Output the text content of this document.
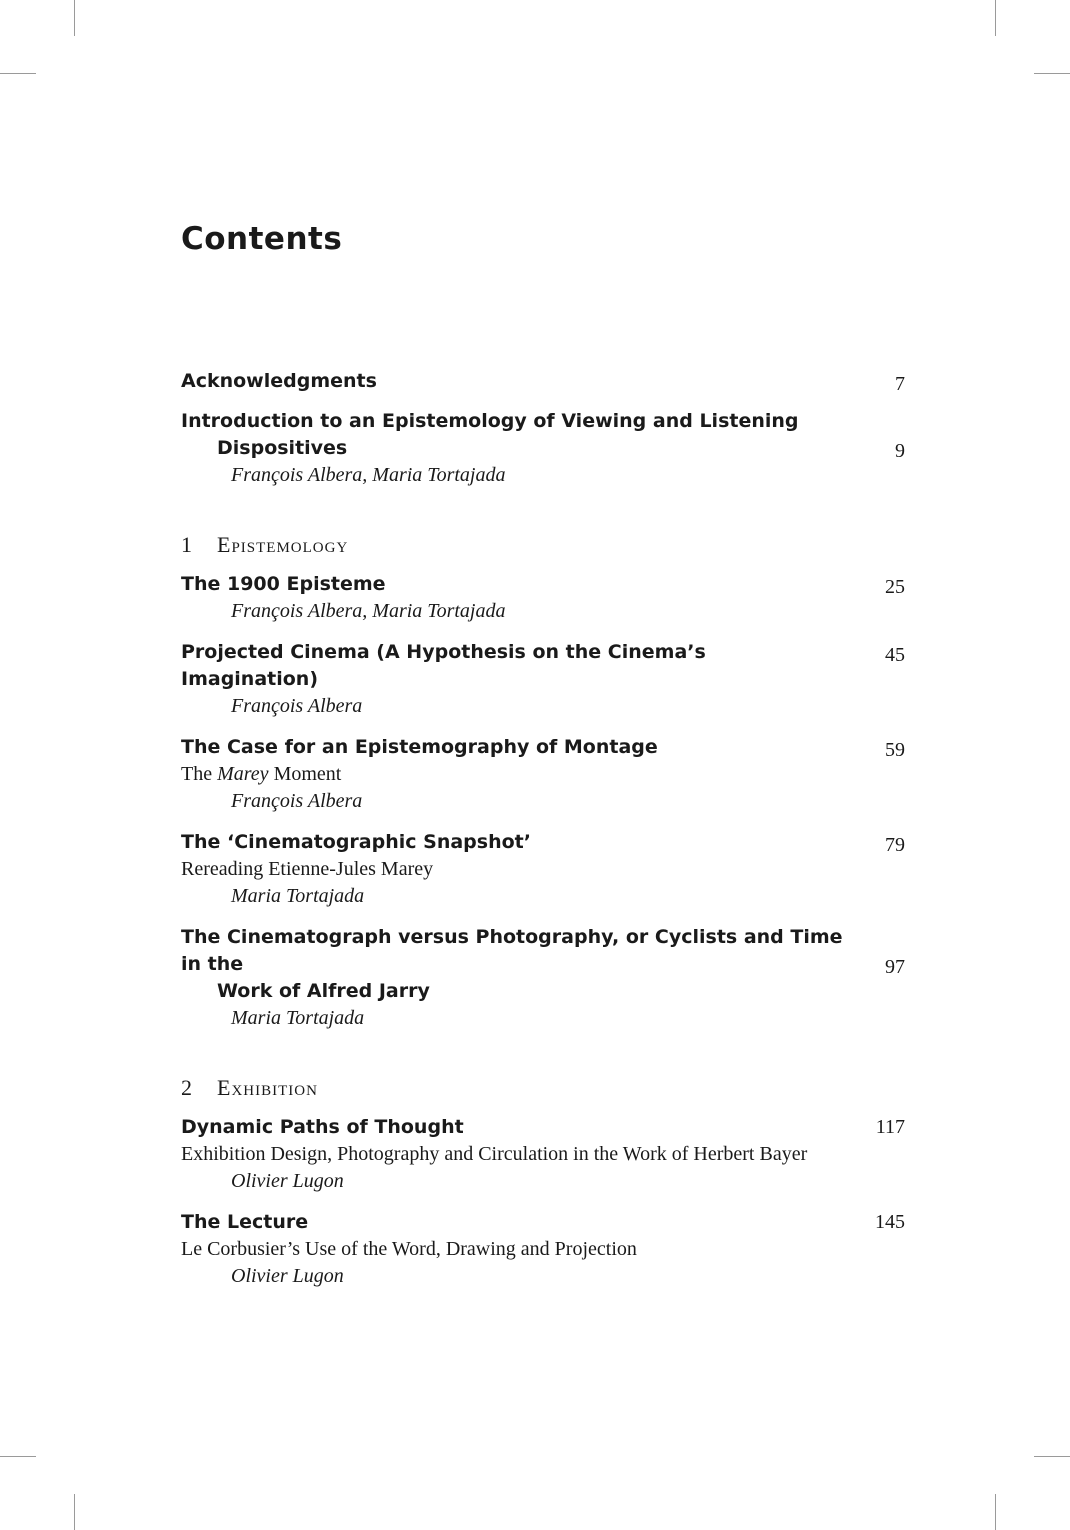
Contents
Acknowledgments	7
Introduction to an Epistemology of Viewing and Listening
Dispositives
François Albera, Maria Tortajada
9
1 Epistemology
The 1900 Episteme
François Albera, Maria Tortajada
25
Projected Cinema (A Hypothesis on the Cinema’s Imagination)
François Albera
45
The Case for an Epistemography of Montage
The Marey Moment
François Albera
59
The ‘Cinematographic Snapshot’
Rereading Etienne-Jules Marey
Maria Tortajada
79
The Cinematograph versus Photography, or Cyclists and Time in the
Work of Alfred Jarry
Maria Tortajada
97
2 Exhibition
Dynamic Paths of Thought
Exhibition Design, Photography and Circulation in the Work of Herbert Bayer
Olivier Lugon
117
The Lecture
Le Corbusier’s Use of the Word, Drawing and Projection
Olivier Lugon
145
